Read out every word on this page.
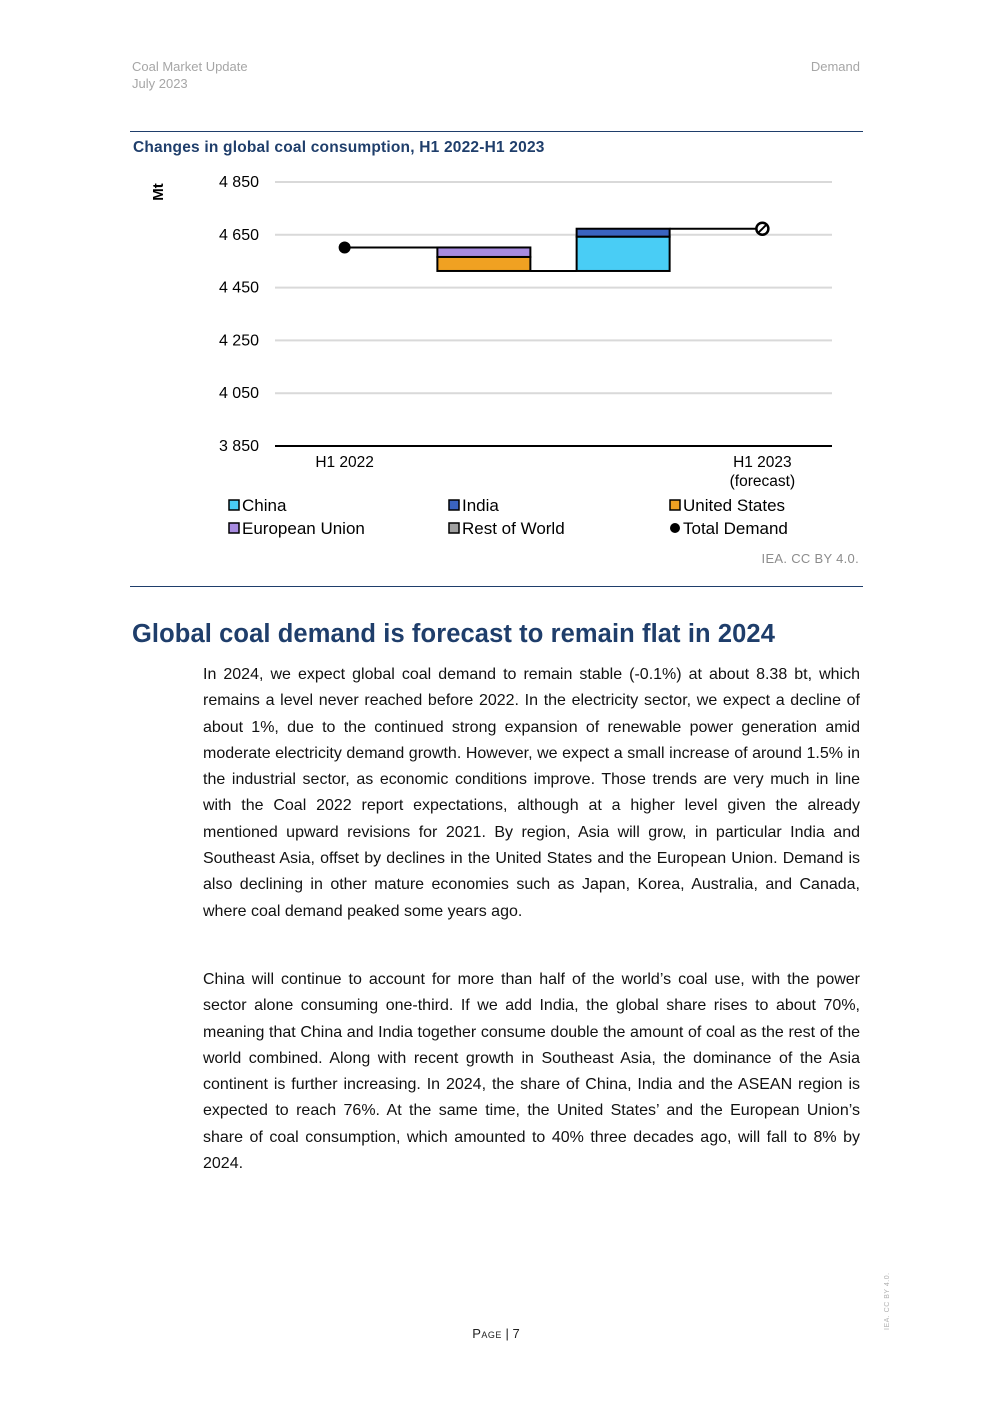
Coal Market Update
July 2023
Demand
Changes in global coal consumption, H1 2022-H1 2023
3 850
4 050
4 250
4 450
4 650
4 850
Mt
H1 2022	H1 2023
(forecast)
China	India	United States
European Union	Rest of World	Total Demand
IEA. CC BY 4.0.
Global coal demand is forecast to remain flat in 2024

In 2024, we expect global coal demand to remain stable (-0.1%) at about 8.38 bt, which remains a level never reached before 2022. In the electricity sector, we expect a decline of about 1%, due to the continued strong expansion of renewable power generation amid moderate electricity demand growth. However, we expect a small increase of around 1.5% in the industrial sector, as economic conditions improve. Those trends are very much in line with the Coal 2022 report expectations, although at a higher level given the already mentioned upward revisions for 2021. By region, Asia will grow, in particular India and Southeast Asia, offset by declines in the United States and the European Union. Demand is also declining in other mature economies such as Japan, Korea, Australia, and Canada, where coal demand peaked some years ago.

China will continue to account for more than half of the world’s coal use, with the power sector alone consuming one-third. If we add India, the global share rises to about 70%, meaning that China and India together consume double the amount of coal as the rest of the world combined. Along with recent growth in Southeast Asia, the dominance of the Asia continent is further increasing. In 2024, the share of China, India and the ASEAN region is expected to reach 76%. At the same time, the United States’ and the European Union’s share of coal consumption, which amounted to 40% three decades ago, will fall to 8% by 2024.

Page | 7
IEA. CC BY 4.0.
